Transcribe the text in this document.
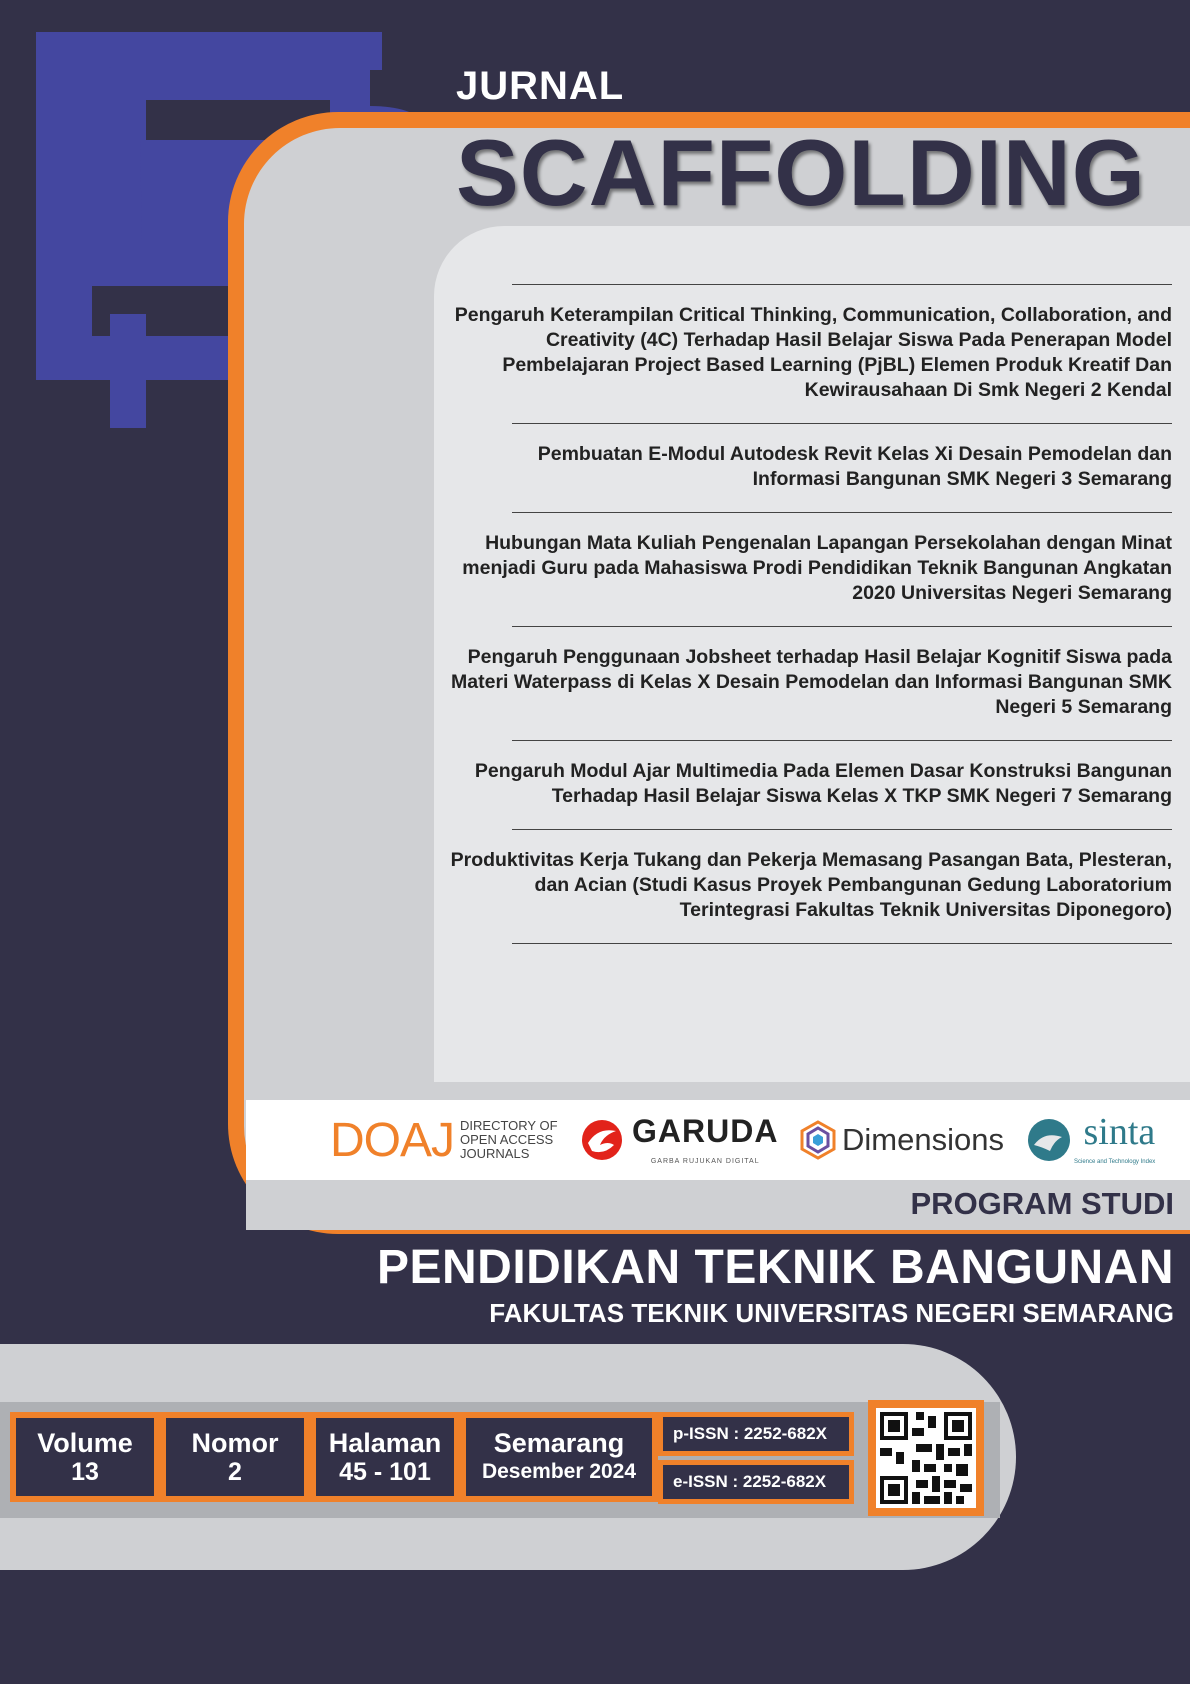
JURNAL
SCAFFOLDING
Pengaruh Keterampilan Critical Thinking, Communication, Collaboration, and Creativity (4C) Terhadap Hasil Belajar Siswa Pada Penerapan Model Pembelajaran Project Based Learning (PjBL) Elemen Produk Kreatif Dan Kewirausahaan Di Smk Negeri 2 Kendal
Pembuatan E-Modul Autodesk Revit Kelas Xi Desain Pemodelan dan Informasi Bangunan SMK Negeri 3 Semarang
Hubungan Mata Kuliah Pengenalan Lapangan Persekolahan dengan Minat menjadi Guru pada Mahasiswa Prodi Pendidikan Teknik Bangunan Angkatan 2020 Universitas Negeri Semarang
Pengaruh Penggunaan Jobsheet terhadap Hasil Belajar Kognitif Siswa pada Materi Waterpass di Kelas X Desain Pemodelan dan Informasi Bangunan SMK Negeri 5 Semarang
Pengaruh Modul Ajar Multimedia Pada Elemen Dasar Konstruksi Bangunan Terhadap Hasil Belajar Siswa Kelas X TKP SMK Negeri 7 Semarang
Produktivitas Kerja Tukang dan Pekerja Memasang Pasangan Bata, Plesteran, dan Acian (Studi Kasus Proyek Pembangunan Gedung Laboratorium Terintegrasi Fakultas Teknik Universitas Diponegoro)
DOAJ DIRECTORY OF
OPEN ACCESS
JOURNALS
GARUDA
GARBA RUJUKAN DIGITAL
Dimensions sinta
Science and Technology Index
PROGRAM STUDI
PENDIDIKAN TEKNIK BANGUNAN
FAKULTAS TEKNIK UNIVERSITAS NEGERI SEMARANG
Volume
13
Nomor
2
Halaman
45 - 101
Semarang
Desember 2024
p-ISSN : 2252-682X
e-ISSN : 2252-682X
